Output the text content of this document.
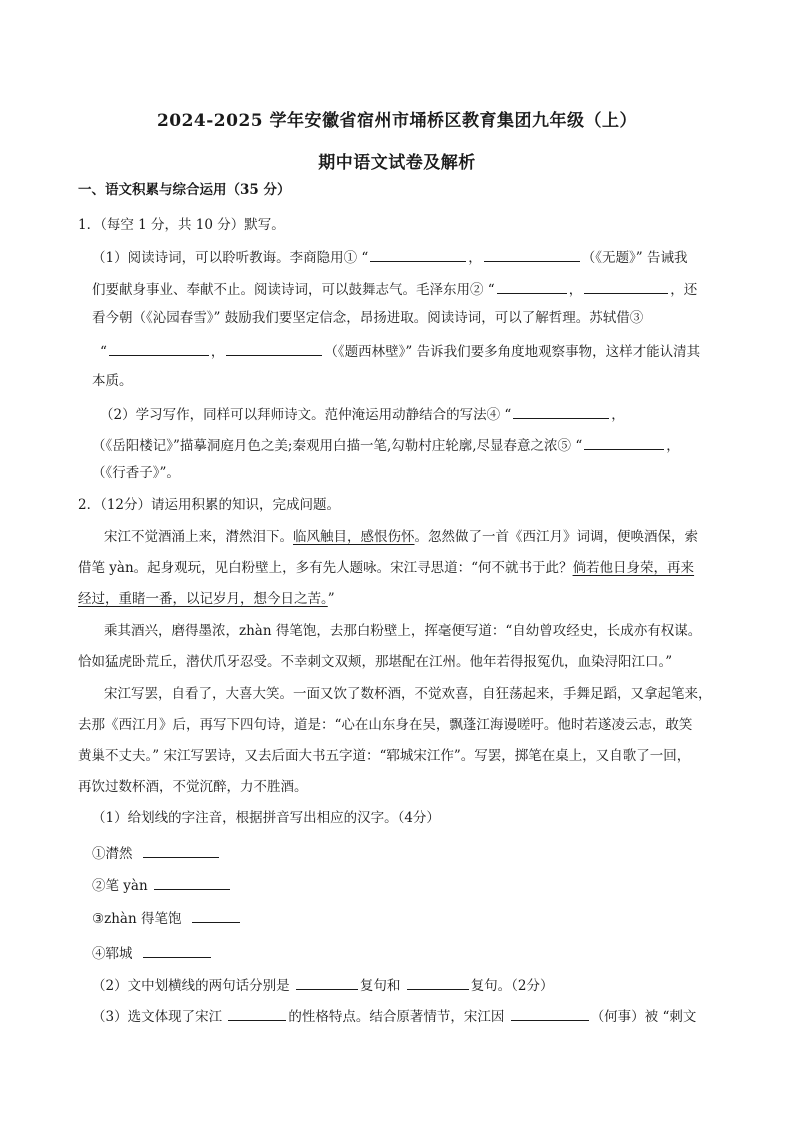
2024-2025 学年安徽省宿州市埇桥区教育集团九年级（上）
期中语文试卷及解析
一、语文积累与综合运用（35 分）
1．（每空 1 分，共 10 分）默写。
（1）阅读诗词，可以聆听教诲。李商隐用① “	，	（《无题》” 告诫我
们要献身事业、奉献不止。阅读诗词，可以鼓舞志气。毛泽东用② “	，	，还
看今朝（《沁园春雪》” 鼓励我们要坚定信念，昂扬进取。阅读诗词，可以了解哲理。苏轼借③
“	，	（《题西林壁》” 告诉我们要多角度地观察事物，这样才能认清其
本质。
（2）学习写作，同样可以拜师诗文。范仲淹运用动静结合的写法④ “	，
（《岳阳楼记》”描摹洞庭月色之美;秦观用白描一笔,勾勒村庄轮廓,尽显春意之浓⑤ “	，
（《行香子》”。
2．（12分）请运用积累的知识，完成问题。
宋江不觉酒涌上来，潸然泪下。临风触目，感恨伤怀。忽然做了一首《西江月》词调，便唤酒保，索
借笔 yàn。起身观玩，见白粉壁上，多有先人题咏。宋江寻思道：“何不就书于此？倘若他日身荣，再来
经过，重睹一番，以记岁月，想今日之苦。”
乘其酒兴，磨得墨浓，zhàn 得笔饱，去那白粉壁上，挥毫便写道：“自幼曾攻经史，长成亦有权谋。
恰如猛虎卧荒丘，潜伏爪牙忍受。不幸刺文双颊，那堪配在江州。他年若得报冤仇，血染浔阳江口。”
宋江写罢，自看了，大喜大笑。一面又饮了数杯酒，不觉欢喜，自狂荡起来，手舞足蹈，又拿起笔来，
去那《西江月》后，再写下四句诗，道是：“心在山东身在吴，飘蓬江海谩嗟吁。他时若遂凌云志，敢笑
黄巢不丈夫。” 宋江写罢诗，又去后面大书五字道：“郓城宋江作”。写罢，掷笔在桌上，又自歌了一回，
再饮过数杯酒，不觉沉醉，力不胜酒。
（1）给划线的字注音，根据拼音写出相应的汉字。（4分）
①潸然
②笔 yàn
③zhàn 得笔饱
④郓城
（2）文中划横线的两句话分别是	复句和	复句。（2分）
（3）选文体现了宋江	的性格特点。结合原著情节，宋江因	（何事）被 “刺文
